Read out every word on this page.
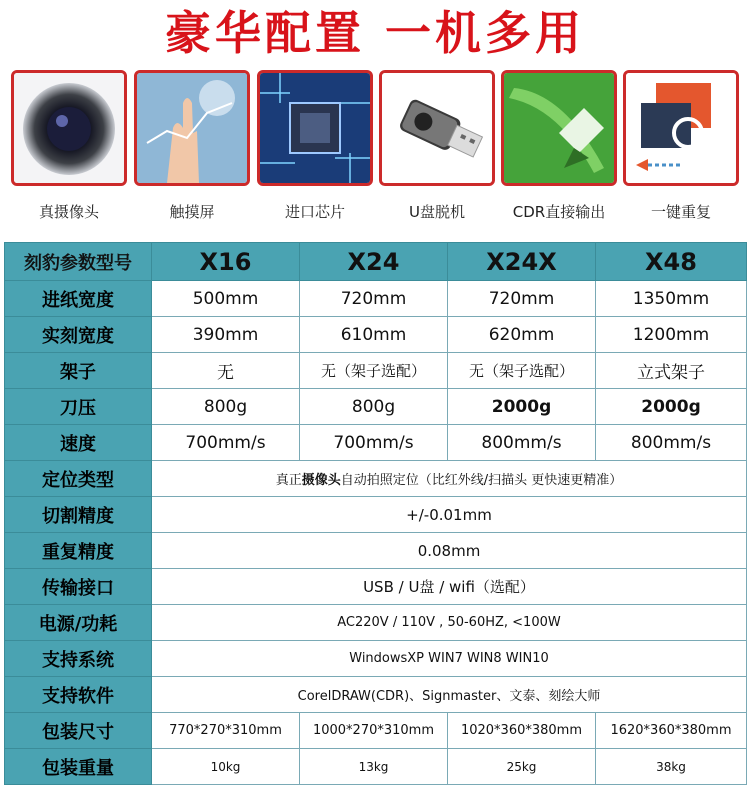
豪华配置 一机多用
真摄像头	触摸屏	进口芯片	U盘脱机	CDR直接输出	一键重复
刻豹参数型号	X16	X24	X24X	X48
进纸宽度	500mm	720mm	720mm	1350mm
实刻宽度	390mm	610mm	620mm	1200mm
架子	无	无（架子选配）	无（架子选配）	立式架子
刀压	800g	800g	2000g	2000g
速度	700mm/s	700mm/s	800mm/s	800mm/s
定位类型	真正摄像头自动拍照定位（比红外线/扫描头 更快速更精准）			
切割精度	+/-0.01mm			
重复精度	0.08mm			
传输接口	USB / U盘 / wifi（选配）			
电源/功耗	AC220V / 110V , 50-60HZ, <100W			
支持系统	WindowsXP WIN7 WIN8 WIN10			
支持软件	CorelDRAW(CDR)、Signmaster、文泰、刻绘大师			
包装尺寸	770*270*310mm	1000*270*310mm	1020*360*380mm	1620*360*380mm
包装重量	10kg	13kg	25kg	38kg
